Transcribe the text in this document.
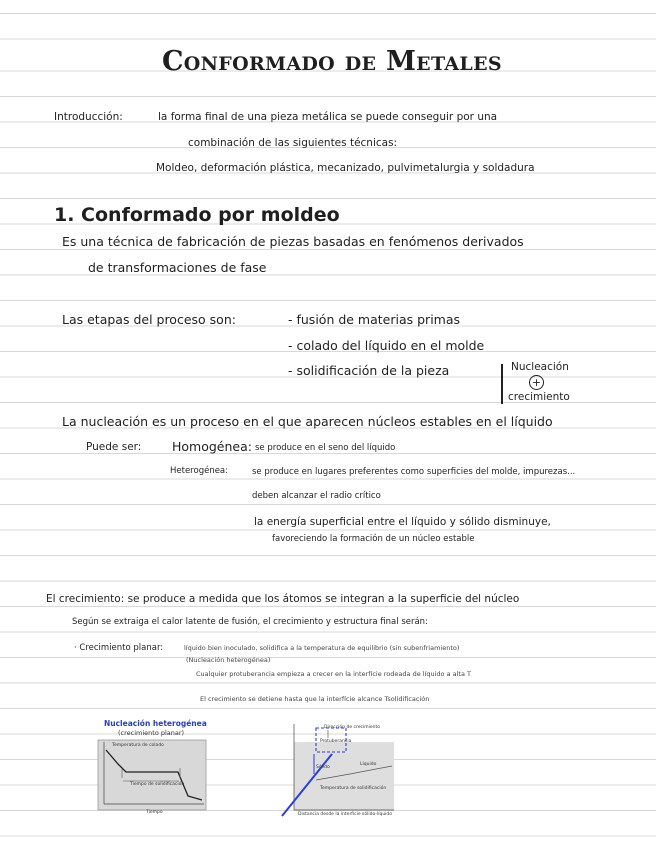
Conformado de Metales
Introducción:	la forma final de una pieza metálica se puede conseguir por una
combinación de las siguientes técnicas:
Moldeo, deformación plástica, mecanizado, pulvimetalurgia y soldadura
1. Conformado por moldeo
Es una técnica de fabricación de piezas basadas en fenómenos derivados
de transformaciones de fase
Las etapas del proceso son:	- fusión de materias primas
- colado del líquido en el molde
- solidificación de la pieza	Nucleación
+
crecimiento
La nucleación es un proceso en el que aparecen núcleos estables en el líquido
Puede ser: Homogénea: se produce en el seno del líquido
Heterogénea:	se produce en lugares preferentes como superficies del molde, impurezas...
deben alcanzar el radio crítico
la energía superficial entre el líquido y sólido disminuye,
favoreciendo la formación de un núcleo estable
El crecimiento: se produce a medida que los átomos se integran a la superficie del núcleo
Según se extraiga el calor latente de fusión, el crecimiento y estructura final serán:
· Crecimiento planar:	líquido bien inoculado, solidifica a la temperatura de equilibrio (sin subenfriamiento)
(Nucleación heterogénea)
Cualquier protuberancia empieza a crecer en la interfície rodeada de líquido a alta T
El crecimiento se detiene hasta que la interfície alcance Tsolidificación
Nucleación heterogénea
(crecimiento planar)
Temperatura de colado
Tiempo de solidificación
Tiempo
Dirección de crecimiento
Protuberancia
Sólido
Líquido
Temperatura de solidificación
Distancia desde la interfície sólido-líquido
